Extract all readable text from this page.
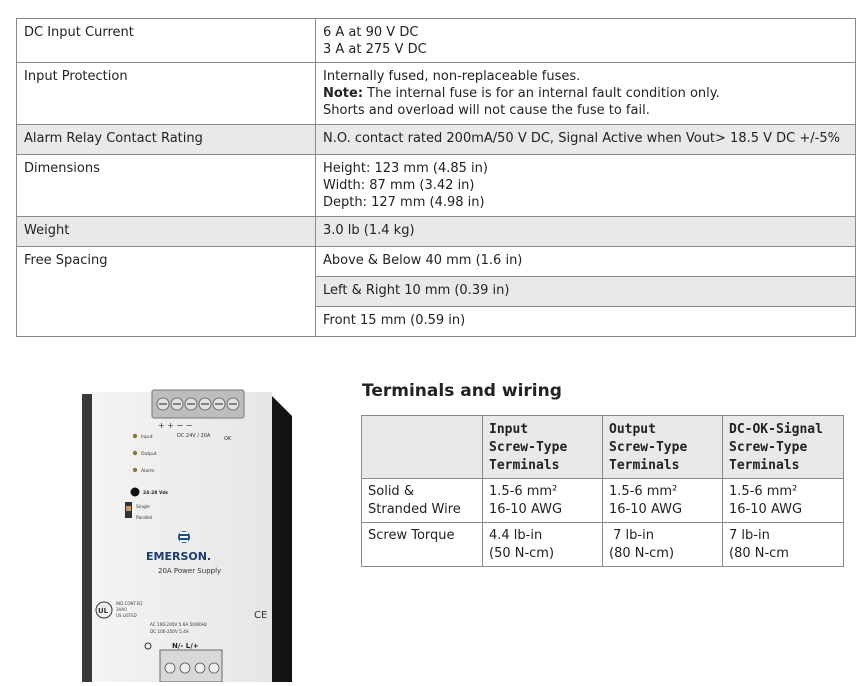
DC Input Current	6 A at 90 V DC
3 A at 275 V DC

Input Protection	Internally fused, non-replaceable fuses.
Note: The internal fuse is for an internal fault condition only.
Shorts and overload will not cause the fuse to fail.

Alarm Relay Contact Rating	N.O. contact rated 200mA/50 V DC, Signal Active when Vout> 18.5 V DC +/-5%
Dimensions	Height: 123 mm (4.85 in)
Width: 87 mm (3.42 in)
Depth: 127 mm (4.98 in)

Weight	3.0 lb (1.4 kg)
Free Spacing	Above & Below 40 mm (1.6 in)
	Left & Right 10 mm (0.39 in)
	Front 15 mm (0.59 in)
+ + − −
DC 24V / 20A	OK
Input
Output
Alarm
24-28 Vdc
Single
Parallel
EMERSON.
20A Power Supply
UL
IND.CONT.EQ
3HA0
US LISTED	CE
AC 100-240V 5.6A 50/60Hz
DC 100-250V 5.4A
N/- L/+
Terminals and wiring

	Input
Screw-Type
Terminals	Output
Screw-Type
Terminals	DC-OK-Signal
Screw-Type
Terminals

Solid &
Stranded Wire	1.5-6 mm²
16-10 AWG	1.5-6 mm²
16-10 AWG	1.5-6 mm²
16-10 AWG

Screw Torque	4.4 lb-in
(50 N-cm)	7 lb-in
(80 N-cm)	7 lb-in
(80 N-cm
